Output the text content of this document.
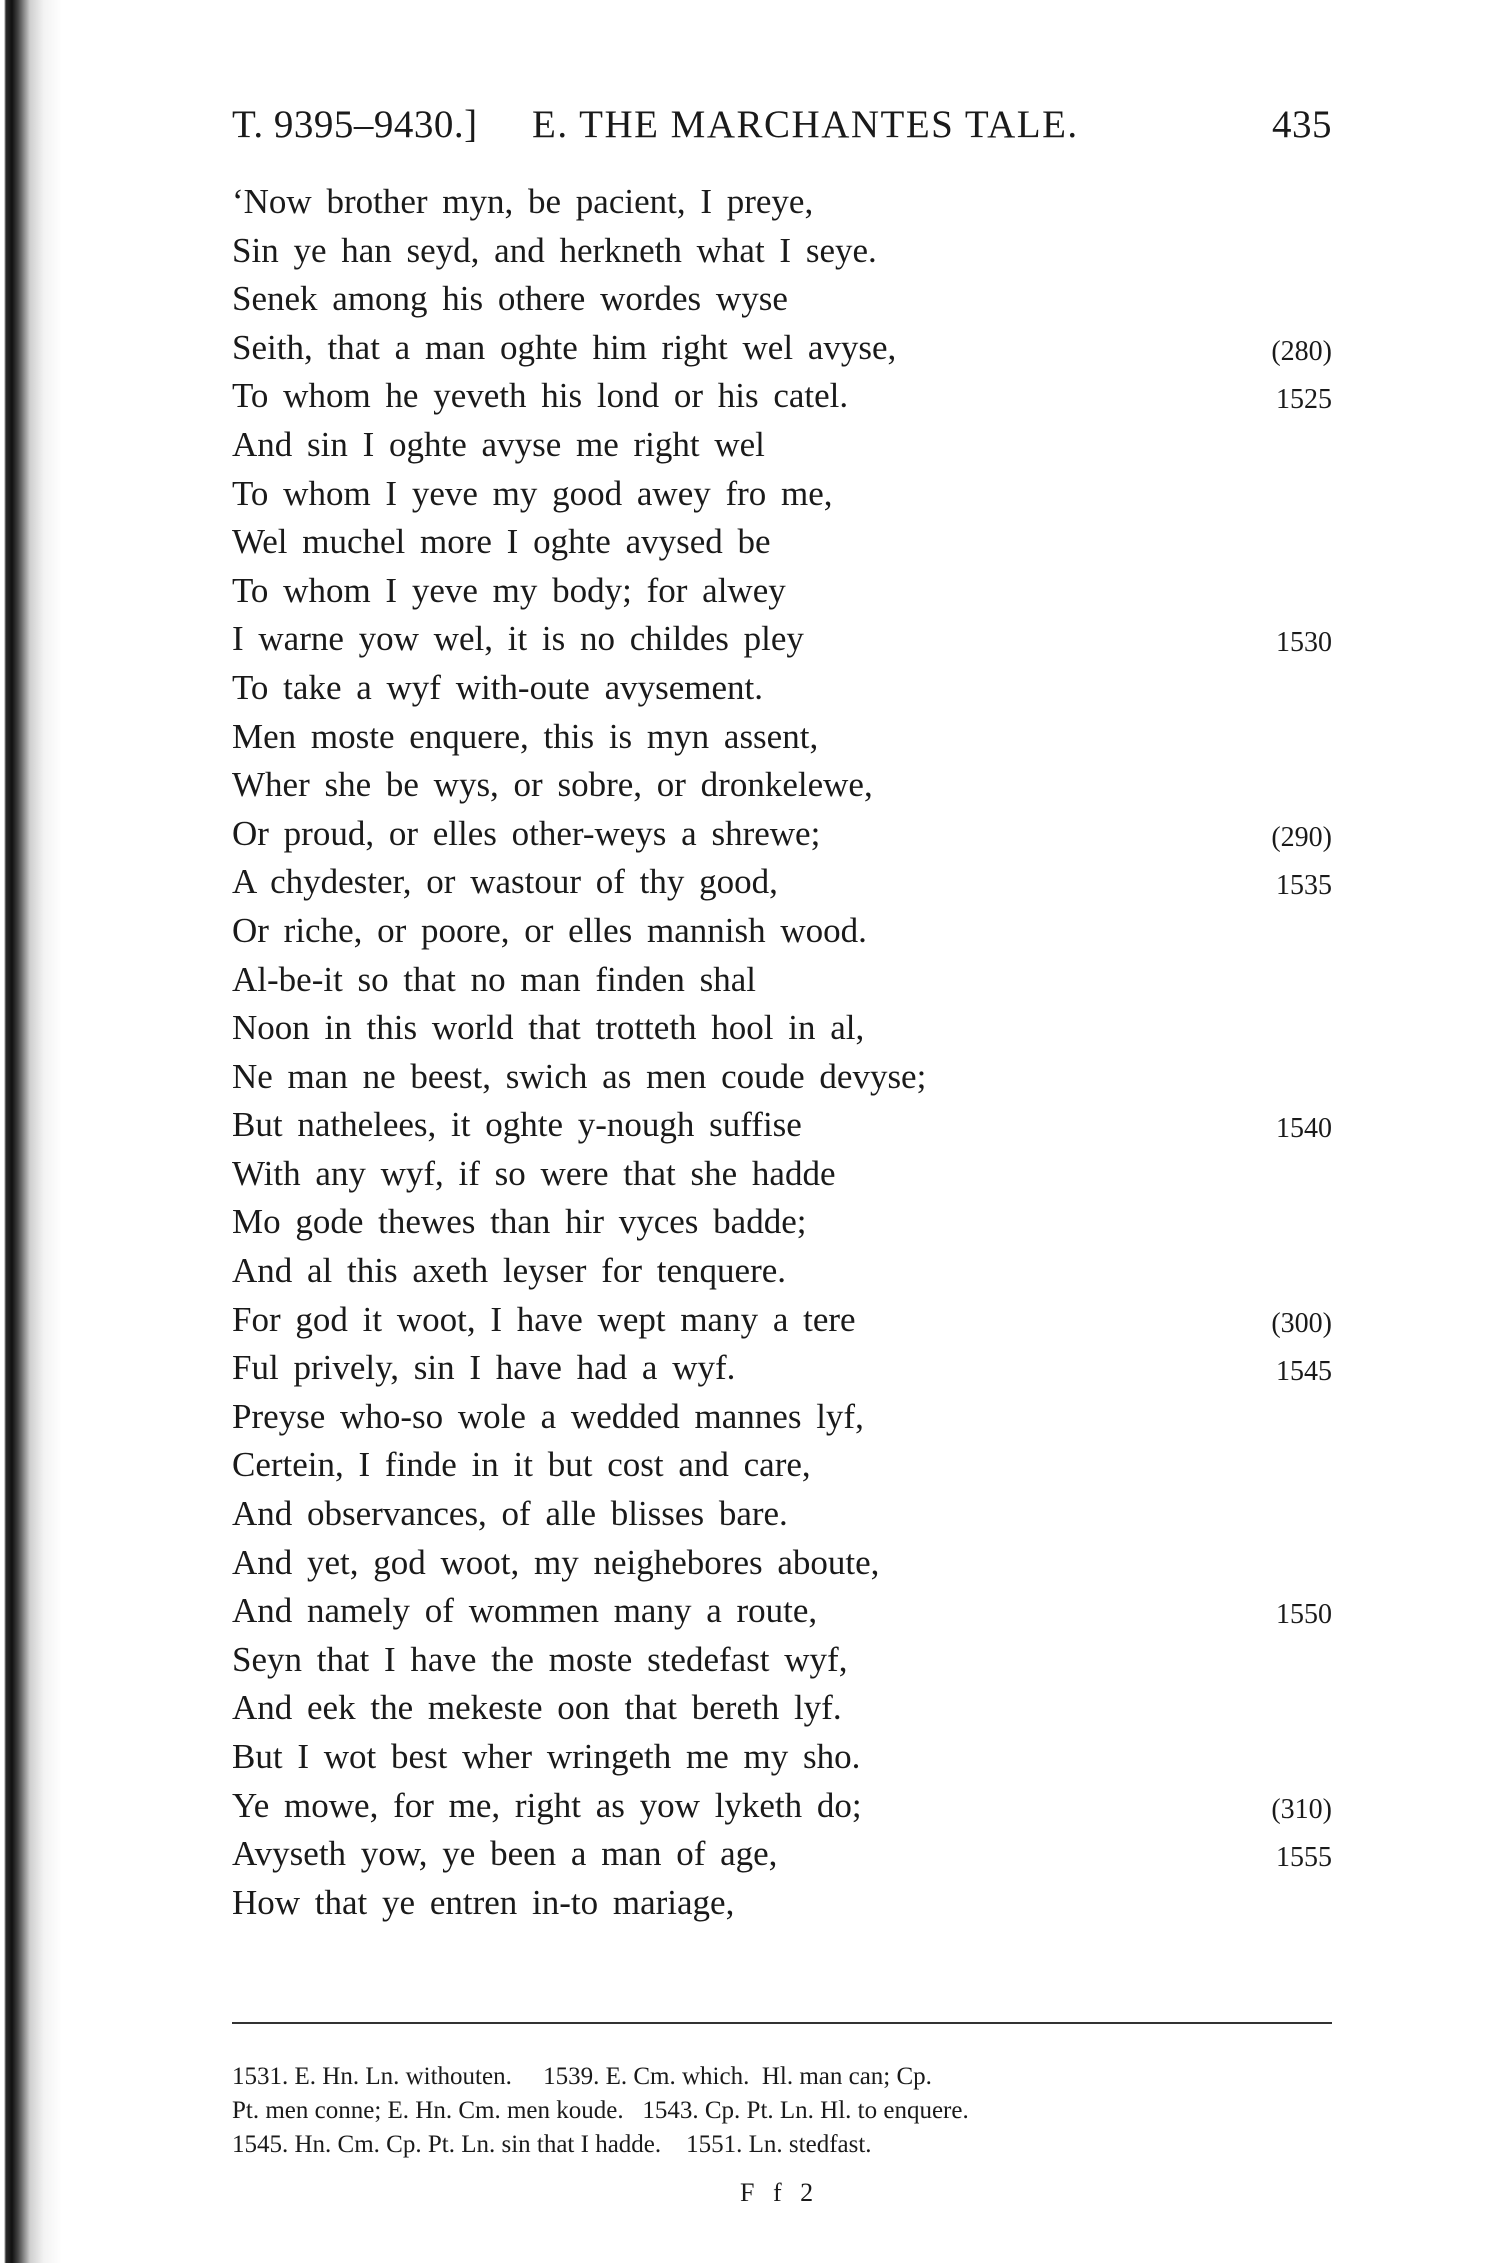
T. 9395–9430.] E. THE MARCHANTES TALE.	435
‘Now brother myn, be pacient, I preye,
Sin ye han seyd, and herkneth what I seye.
Senek among his othere wordes wyse
Seith, that a man oghte him right wel avyse,	(280)
To whom he yeveth his lond or his catel.	1525
And sin I oghte avyse me right wel
To whom I yeve my good awey fro me,
Wel muchel more I oghte avysed be
To whom I yeve my body; for alwey
I warne yow wel, it is no childes pley	1530
To take a wyf with-oute avysement.
Men moste enquere, this is myn assent,
Wher she be wys, or sobre, or dronkelewe,
Or proud, or elles other-weys a shrewe;	(290)
A chydester, or wastour of thy good,	1535
Or riche, or poore, or elles mannish wood.
Al-be-it so that no man finden shal
Noon in this world that trotteth hool in al,
Ne man ne beest, swich as men coude devyse;
But nathelees, it oghte y-nough suffise	1540
With any wyf, if so were that she hadde
Mo gode thewes than hir vyces badde;
And al this axeth leyser for tenquere.
For god it woot, I have wept many a tere	(300)
Ful prively, sin I have had a wyf.	1545
Preyse who-so wole a wedded mannes lyf,
Certein, I finde in it but cost and care,
And observances, of alle blisses bare.
And yet, god woot, my neighebores aboute,
And namely of wommen many a route,	1550
Seyn that I have the moste stedefast wyf,
And eek the mekeste oon that bereth lyf.
But I wot best wher wringeth me my sho.
Ye mowe, for me, right as yow lyketh do;	(310)
Avyseth yow, ye been a man of age,	1555
How that ye entren in-to mariage,
1531. E. Hn. Ln. withouten.     1539. E. Cm. which.  Hl. man can; Cp.
Pt. men conne; E. Hn. Cm. men koude.   1543. Cp. Pt. Ln. Hl. to enquere.
1545. Hn. Cm. Cp. Pt. Ln. sin that I hadde.    1551. Ln. stedfast.
F f 2
